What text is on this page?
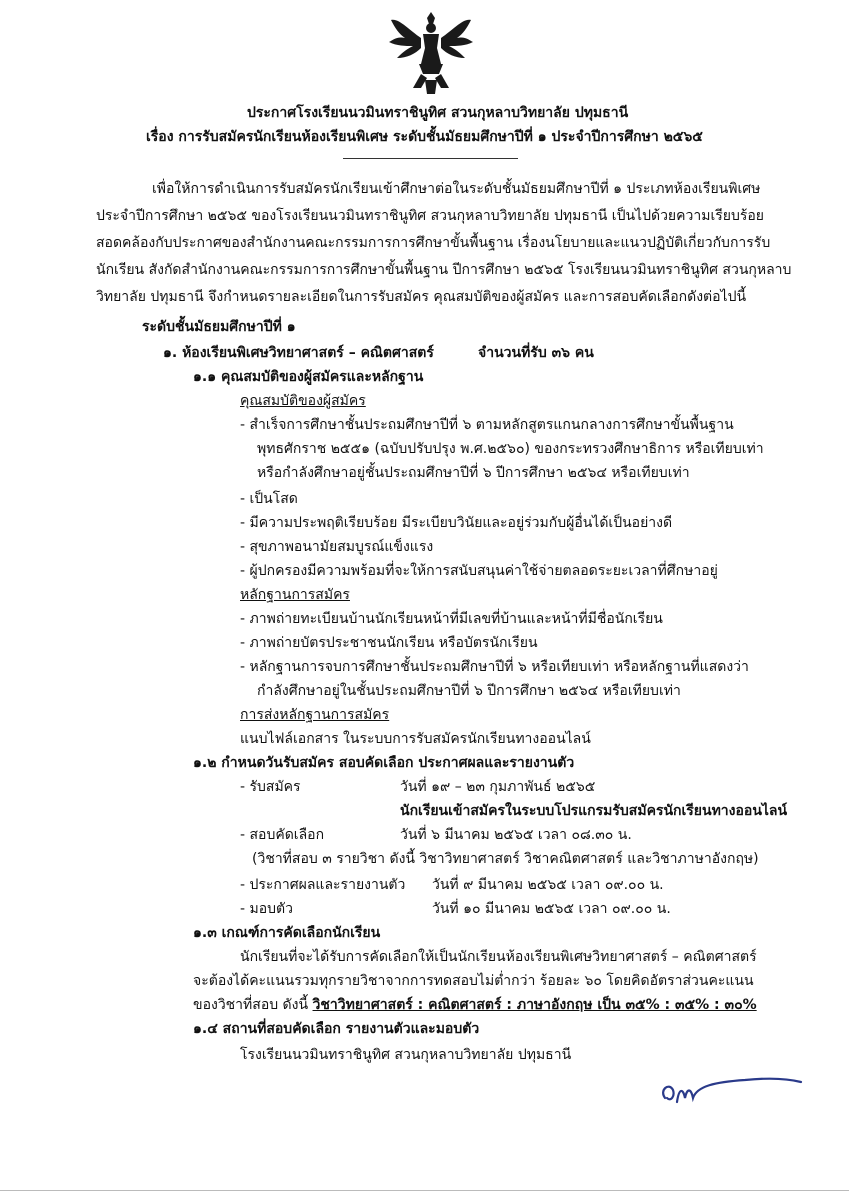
ประกาศโรงเรียนนวมินทราชินูทิศ สวนกุหลาบวิทยาลัย ปทุมธานี
เรื่อง การรับสมัครนักเรียนห้องเรียนพิเศษ ระดับชั้นมัธยมศึกษาปีที่ ๑ ประจำปีการศึกษา ๒๕๖๕
เพื่อให้การดำเนินการรับสมัครนักเรียนเข้าศึกษาต่อในระดับชั้นมัธยมศึกษาปีที่ ๑ ประเภทห้องเรียนพิเศษ
ประจำปีการศึกษา ๒๕๖๕ ของโรงเรียนนวมินทราชินูทิศ สวนกุหลาบวิทยาลัย ปทุมธานี เป็นไปด้วยความเรียบร้อย
สอดคล้องกับประกาศของสำนักงานคณะกรรมการการศึกษาขั้นพื้นฐาน เรื่องนโยบายและแนวปฏิบัติเกี่ยวกับการรับ
นักเรียน สังกัดสำนักงานคณะกรรมการการศึกษาขั้นพื้นฐาน ปีการศึกษา ๒๕๖๕ โรงเรียนนวมินทราชินูทิศ สวนกุหลาบ
วิทยาลัย ปทุมธานี จึงกำหนดรายละเอียดในการรับสมัคร คุณสมบัติของผู้สมัคร และการสอบคัดเลือกดังต่อไปนี้
ระดับชั้นมัธยมศึกษาปีที่ ๑
๑. ห้องเรียนพิเศษวิทยาศาสตร์ – คณิตศาสตร์	จำนวนที่รับ ๓๖ คน
๑.๑ คุณสมบัติของผู้สมัครและหลักฐาน
คุณสมบัติของผู้สมัคร
- สำเร็จการศึกษาชั้นประถมศึกษาปีที่ ๖ ตามหลักสูตรแกนกลางการศึกษาขั้นพื้นฐาน
พุทธศักราช ๒๕๕๑ (ฉบับปรับปรุง พ.ศ.๒๕๖๐) ของกระทรวงศึกษาธิการ หรือเทียบเท่า
หรือกำลังศึกษาอยู่ชั้นประถมศึกษาปีที่ ๖ ปีการศึกษา ๒๕๖๔ หรือเทียบเท่า
- เป็นโสด
- มีความประพฤติเรียบร้อย มีระเบียบวินัยและอยู่ร่วมกับผู้อื่นได้เป็นอย่างดี
- สุขภาพอนามัยสมบูรณ์แข็งแรง
- ผู้ปกครองมีความพร้อมที่จะให้การสนับสนุนค่าใช้จ่ายตลอดระยะเวลาที่ศึกษาอยู่
หลักฐานการสมัคร
- ภาพถ่ายทะเบียนบ้านนักเรียนหน้าที่มีเลขที่บ้านและหน้าที่มีชื่อนักเรียน
- ภาพถ่ายบัตรประชาชนนักเรียน หรือบัตรนักเรียน
- หลักฐานการจบการศึกษาชั้นประถมศึกษาปีที่ ๖ หรือเทียบเท่า หรือหลักฐานที่แสดงว่า
กำลังศึกษาอยู่ในชั้นประถมศึกษาปีที่ ๖ ปีการศึกษา ๒๕๖๔ หรือเทียบเท่า
การส่งหลักฐานการสมัคร
แนบไฟล์เอกสาร ในระบบการรับสมัครนักเรียนทางออนไลน์
๑.๒ กำหนดวันรับสมัคร สอบคัดเลือก ประกาศผลและรายงานตัว
- รับสมัคร	วันที่ ๑๙ – ๒๓ กุมภาพันธ์ ๒๕๖๕
นักเรียนเข้าสมัครในระบบโปรแกรมรับสมัครนักเรียนทางออนไลน์
- สอบคัดเลือก	วันที่ ๖ มีนาคม ๒๕๖๕ เวลา ๐๘.๓๐ น.
(วิชาที่สอบ ๓ รายวิชา ดังนี้ วิชาวิทยาศาสตร์ วิชาคณิตศาสตร์ และวิชาภาษาอังกฤษ)
- ประกาศผลและรายงานตัว วันที่ ๙ มีนาคม ๒๕๖๕ เวลา ๐๙.๐๐ น.
- มอบตัว	วันที่ ๑๐ มีนาคม ๒๕๖๕ เวลา ๐๙.๐๐ น.
๑.๓ เกณฑ์การคัดเลือกนักเรียน
นักเรียนที่จะได้รับการคัดเลือกให้เป็นนักเรียนห้องเรียนพิเศษวิทยาศาสตร์ – คณิตศาสตร์
จะต้องได้คะแนนรวมทุกรายวิชาจากการทดสอบไม่ต่ำกว่า ร้อยละ ๖๐ โดยคิดอัตราส่วนคะแนน
ของวิชาที่สอบ ดังนี้ วิชาวิทยาศาสตร์ : คณิตศาสตร์ : ภาษาอังกฤษ เป็น ๓๕% : ๓๕% : ๓๐%
๑.๔ สถานที่สอบคัดเลือก รายงานตัวและมอบตัว
โรงเรียนนวมินทราชินูทิศ สวนกุหลาบวิทยาลัย ปทุมธานี
